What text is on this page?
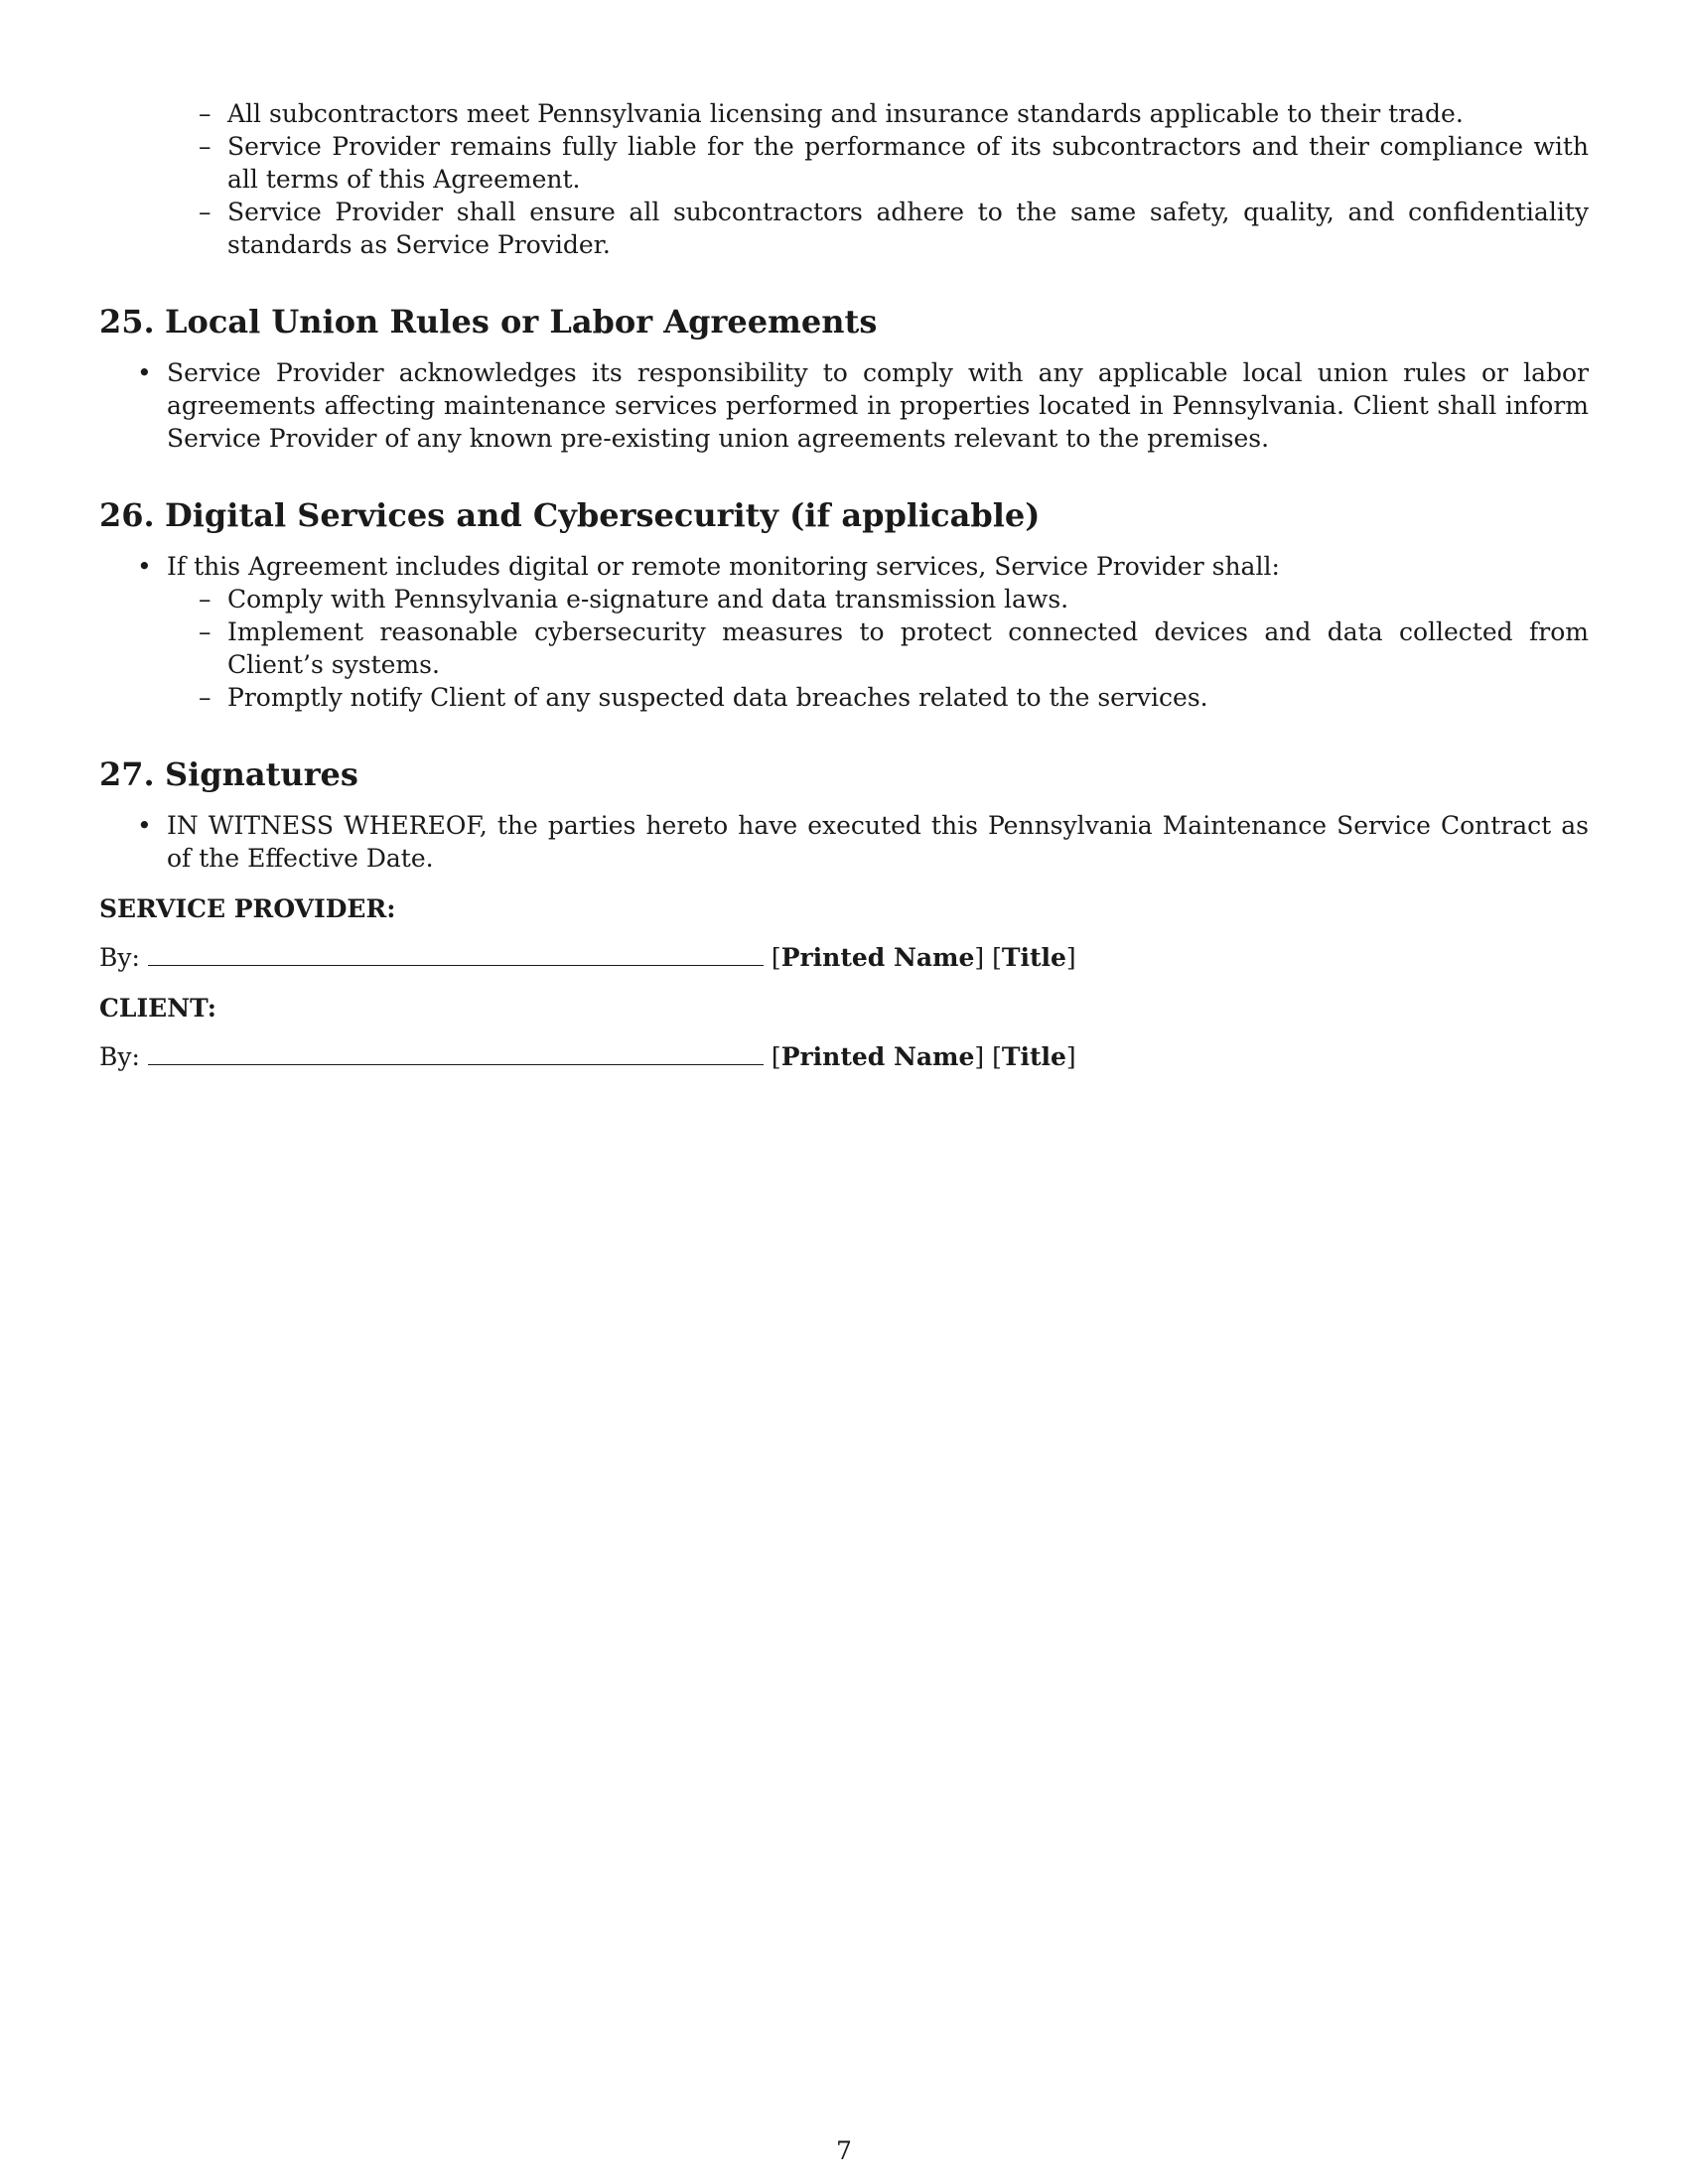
– All subcontractors meet Pennsylvania licensing and insurance standards applicable to their trade.
– Service Provider remains fully liable for the performance of its subcontractors and their compliance with all terms of this Agreement.
– Service Provider shall ensure all subcontractors adhere to the same safety, quality, and confidentiality standards as Service Provider.
25. Local Union Rules or Labor Agreements
• Service Provider acknowledges its responsibility to comply with any applicable local union rules or labor agreements affecting maintenance services performed in properties located in Pennsylvania. Client shall inform Service Provider of any known pre-existing union agreements relevant to the premises.
26. Digital Services and Cybersecurity (if applicable)
• If this Agreement includes digital or remote monitoring services, Service Provider shall:
– Comply with Pennsylvania e-signature and data transmission laws.
– Implement reasonable cybersecurity measures to protect connected devices and data collected from Client’s systems.
– Promptly notify Client of any suspected data breaches related to the services.
27. Signatures
• IN WITNESS WHEREOF, the parties hereto have executed this Pennsylvania Maintenance Service Contract as of the Effective Date.
SERVICE PROVIDER:
By:	[Printed Name] [Title]
CLIENT:
By:	[Printed Name] [Title]
7
